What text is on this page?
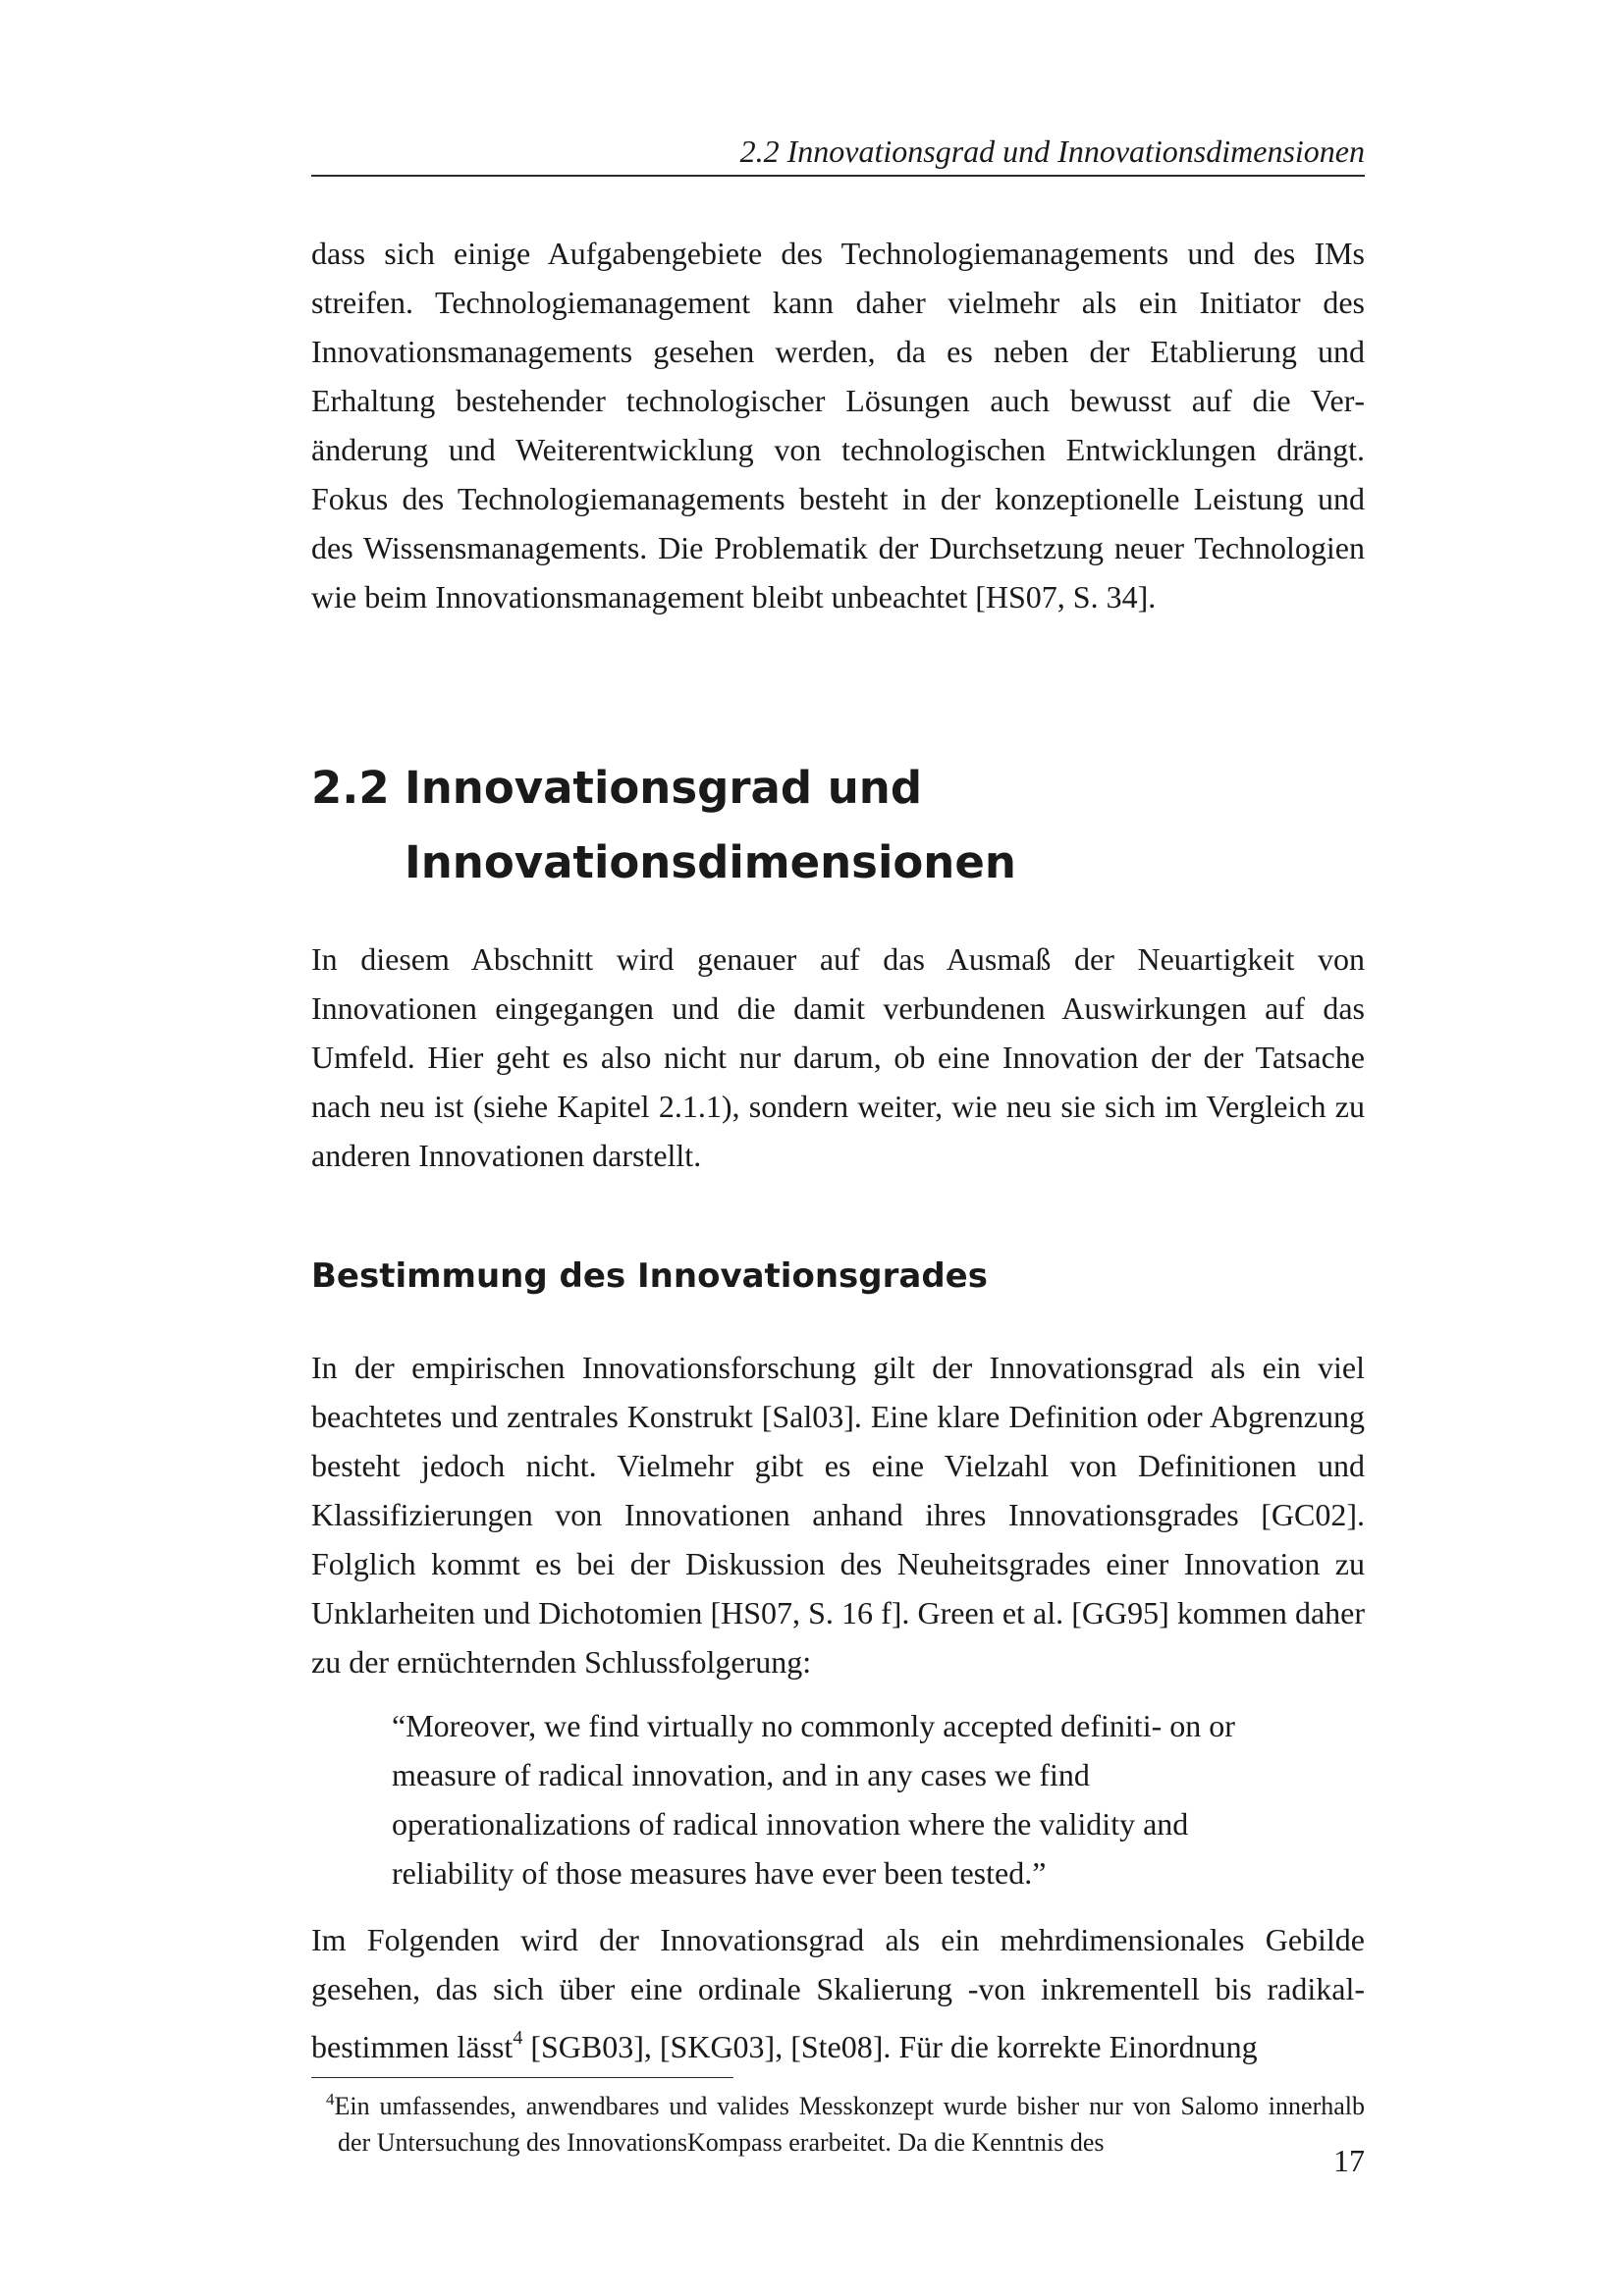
2.2 Innovationsgrad und Innovationsdimensionen

dass sich einige Aufgabengebiete des Technologiemanagements und des IMs streifen. Technologiemanagement kann daher vielmehr als ein Initiator des Innovationsmanagements gesehen werden, da es neben der Etablierung und Erhaltung bestehender technologischer Lösungen auch bewusst auf die Veränderung und Weiterentwicklung von technologischen Entwicklungen drängt. Fokus des Technologiemanagements besteht in der konzeptionelle Leistung und des Wissensmanagements. Die Problematik der Durchsetzung neuer Technologien wie beim Innovationsmanagement bleibt unbeachtet [HS07, S. 34].

2.2 Innovationsgrad und Innovationsdimensionen

In diesem Abschnitt wird genauer auf das Ausmaß der Neuartigkeit von Innovationen eingegangen und die damit verbundenen Auswirkungen auf das Umfeld. Hier geht es also nicht nur darum, ob eine Innovation der der Tatsache nach neu ist (siehe Kapitel 2.1.1), sondern weiter, wie neu sie sich im Vergleich zu anderen Innovationen darstellt.

Bestimmung des Innovationsgrades

In der empirischen Innovationsforschung gilt der Innovationsgrad als ein viel beachtetes und zentrales Konstrukt [Sal03]. Eine klare Definition oder Abgrenzung besteht jedoch nicht. Vielmehr gibt es eine Vielzahl von Definitionen und Klassifizierungen von Innovationen anhand ihres Innovationsgrades [GC02]. Folglich kommt es bei der Diskussion des Neuheitsgrades einer Innovation zu Unklarheiten und Dichotomien [HS07, S. 16 f]. Green et al. [GG95] kommen daher zu der ernüchternden Schlussfolgerung:

“Moreover, we find virtually no commonly accepted definiti- on or measure of radical innovation, and in any cases we find operationalizations of radical innovation where the validity and reliability of those measures have ever been tested.”

Im Folgenden wird der Innovationsgrad als ein mehrdimensionales Gebilde gesehen, das sich über eine ordinale Skalierung -von inkrementell bis radikal- bestimmen lässt$^4$ [SGB03], [SKG03], [Ste08]. Für die korrekte Einordnung

$^4$Ein umfassendes, anwendbares und valides Messkonzept wurde bisher nur von Salomo innerhalb der Untersuchung des InnovationsKompass erarbeitet. Da die Kenntnis des

17
